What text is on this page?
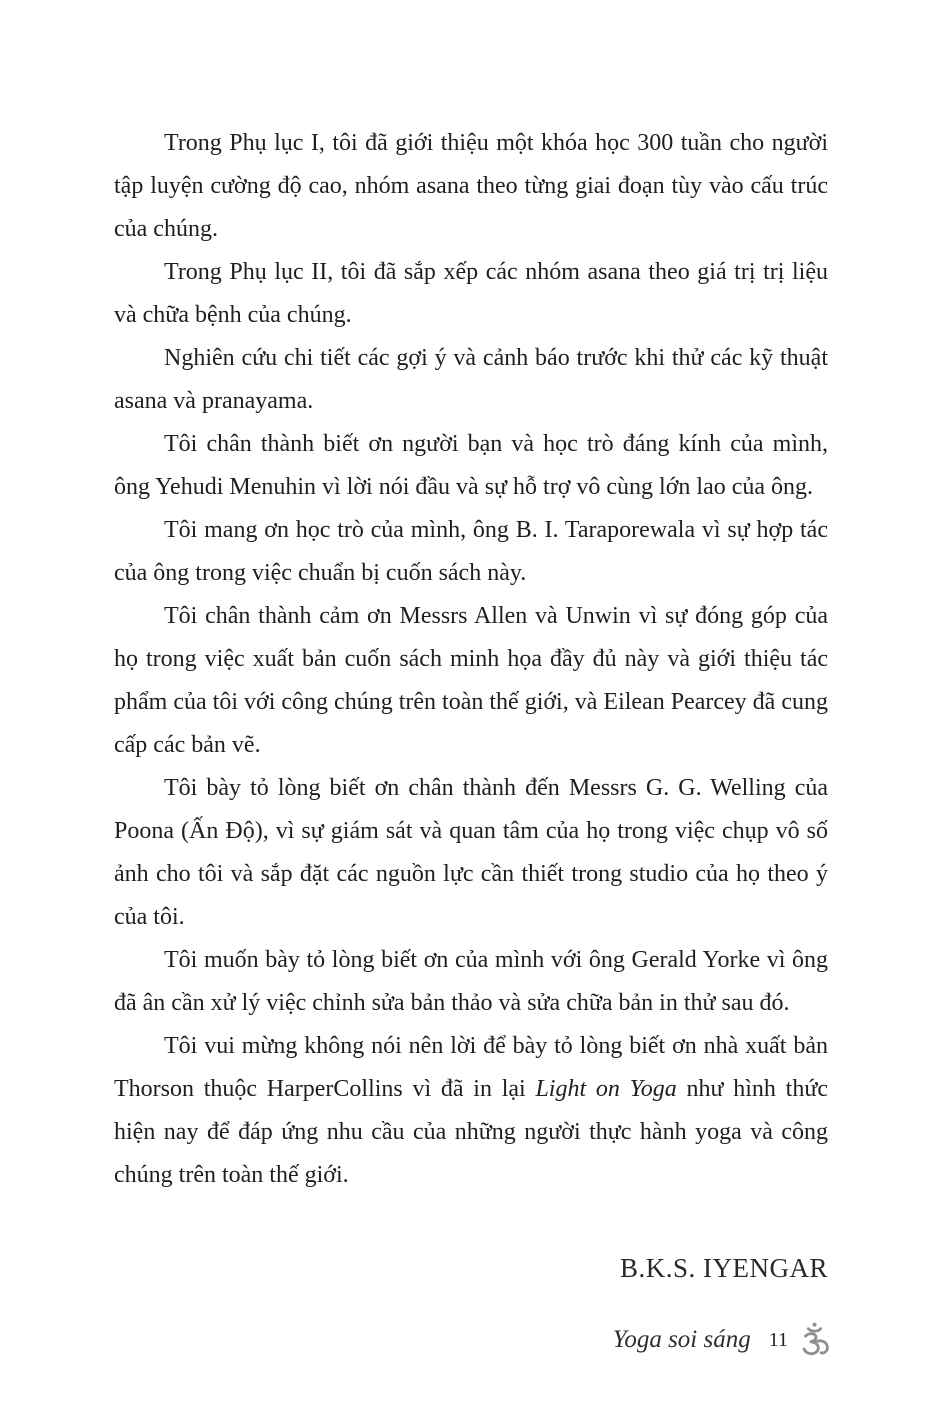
Trong Phụ lục I, tôi đã giới thiệu một khóa học 300 tuần cho người tập luyện cường độ cao, nhóm asana theo từng giai đoạn tùy vào cấu trúc của chúng.

Trong Phụ lục II, tôi đã sắp xếp các nhóm asana theo giá trị trị liệu và chữa bệnh của chúng.

Nghiên cứu chi tiết các gợi ý và cảnh báo trước khi thử các kỹ thuật asana và pranayama.

Tôi chân thành biết ơn người bạn và học trò đáng kính của mình, ông Yehudi Menuhin vì lời nói đầu và sự hỗ trợ vô cùng lớn lao của ông.

Tôi mang ơn học trò của mình, ông B. I. Taraporewala vì sự hợp tác của ông trong việc chuẩn bị cuốn sách này.

Tôi chân thành cảm ơn Messrs Allen và Unwin vì sự đóng góp của họ trong việc xuất bản cuốn sách minh họa đầy đủ này và giới thiệu tác phẩm của tôi với công chúng trên toàn thế giới, và Eilean Pearcey đã cung cấp các bản vẽ.

Tôi bày tỏ lòng biết ơn chân thành đến Messrs G. G. Welling của Poona (Ấn Độ), vì sự giám sát và quan tâm của họ trong việc chụp vô số ảnh cho tôi và sắp đặt các nguồn lực cần thiết trong studio của họ theo ý của tôi.

Tôi muốn bày tỏ lòng biết ơn của mình với ông Gerald Yorke vì ông đã ân cần xử lý việc chỉnh sửa bản thảo và sửa chữa bản in thử sau đó.

Tôi vui mừng không nói nên lời để bày tỏ lòng biết ơn nhà xuất bản Thorson thuộc HarperCollins vì đã in lại Light on Yoga như hình thức hiện nay để đáp ứng nhu cầu của những người thực hành yoga và công chúng trên toàn thế giới.

B.K.S. IYENGAR

Yoga soi sáng 11
